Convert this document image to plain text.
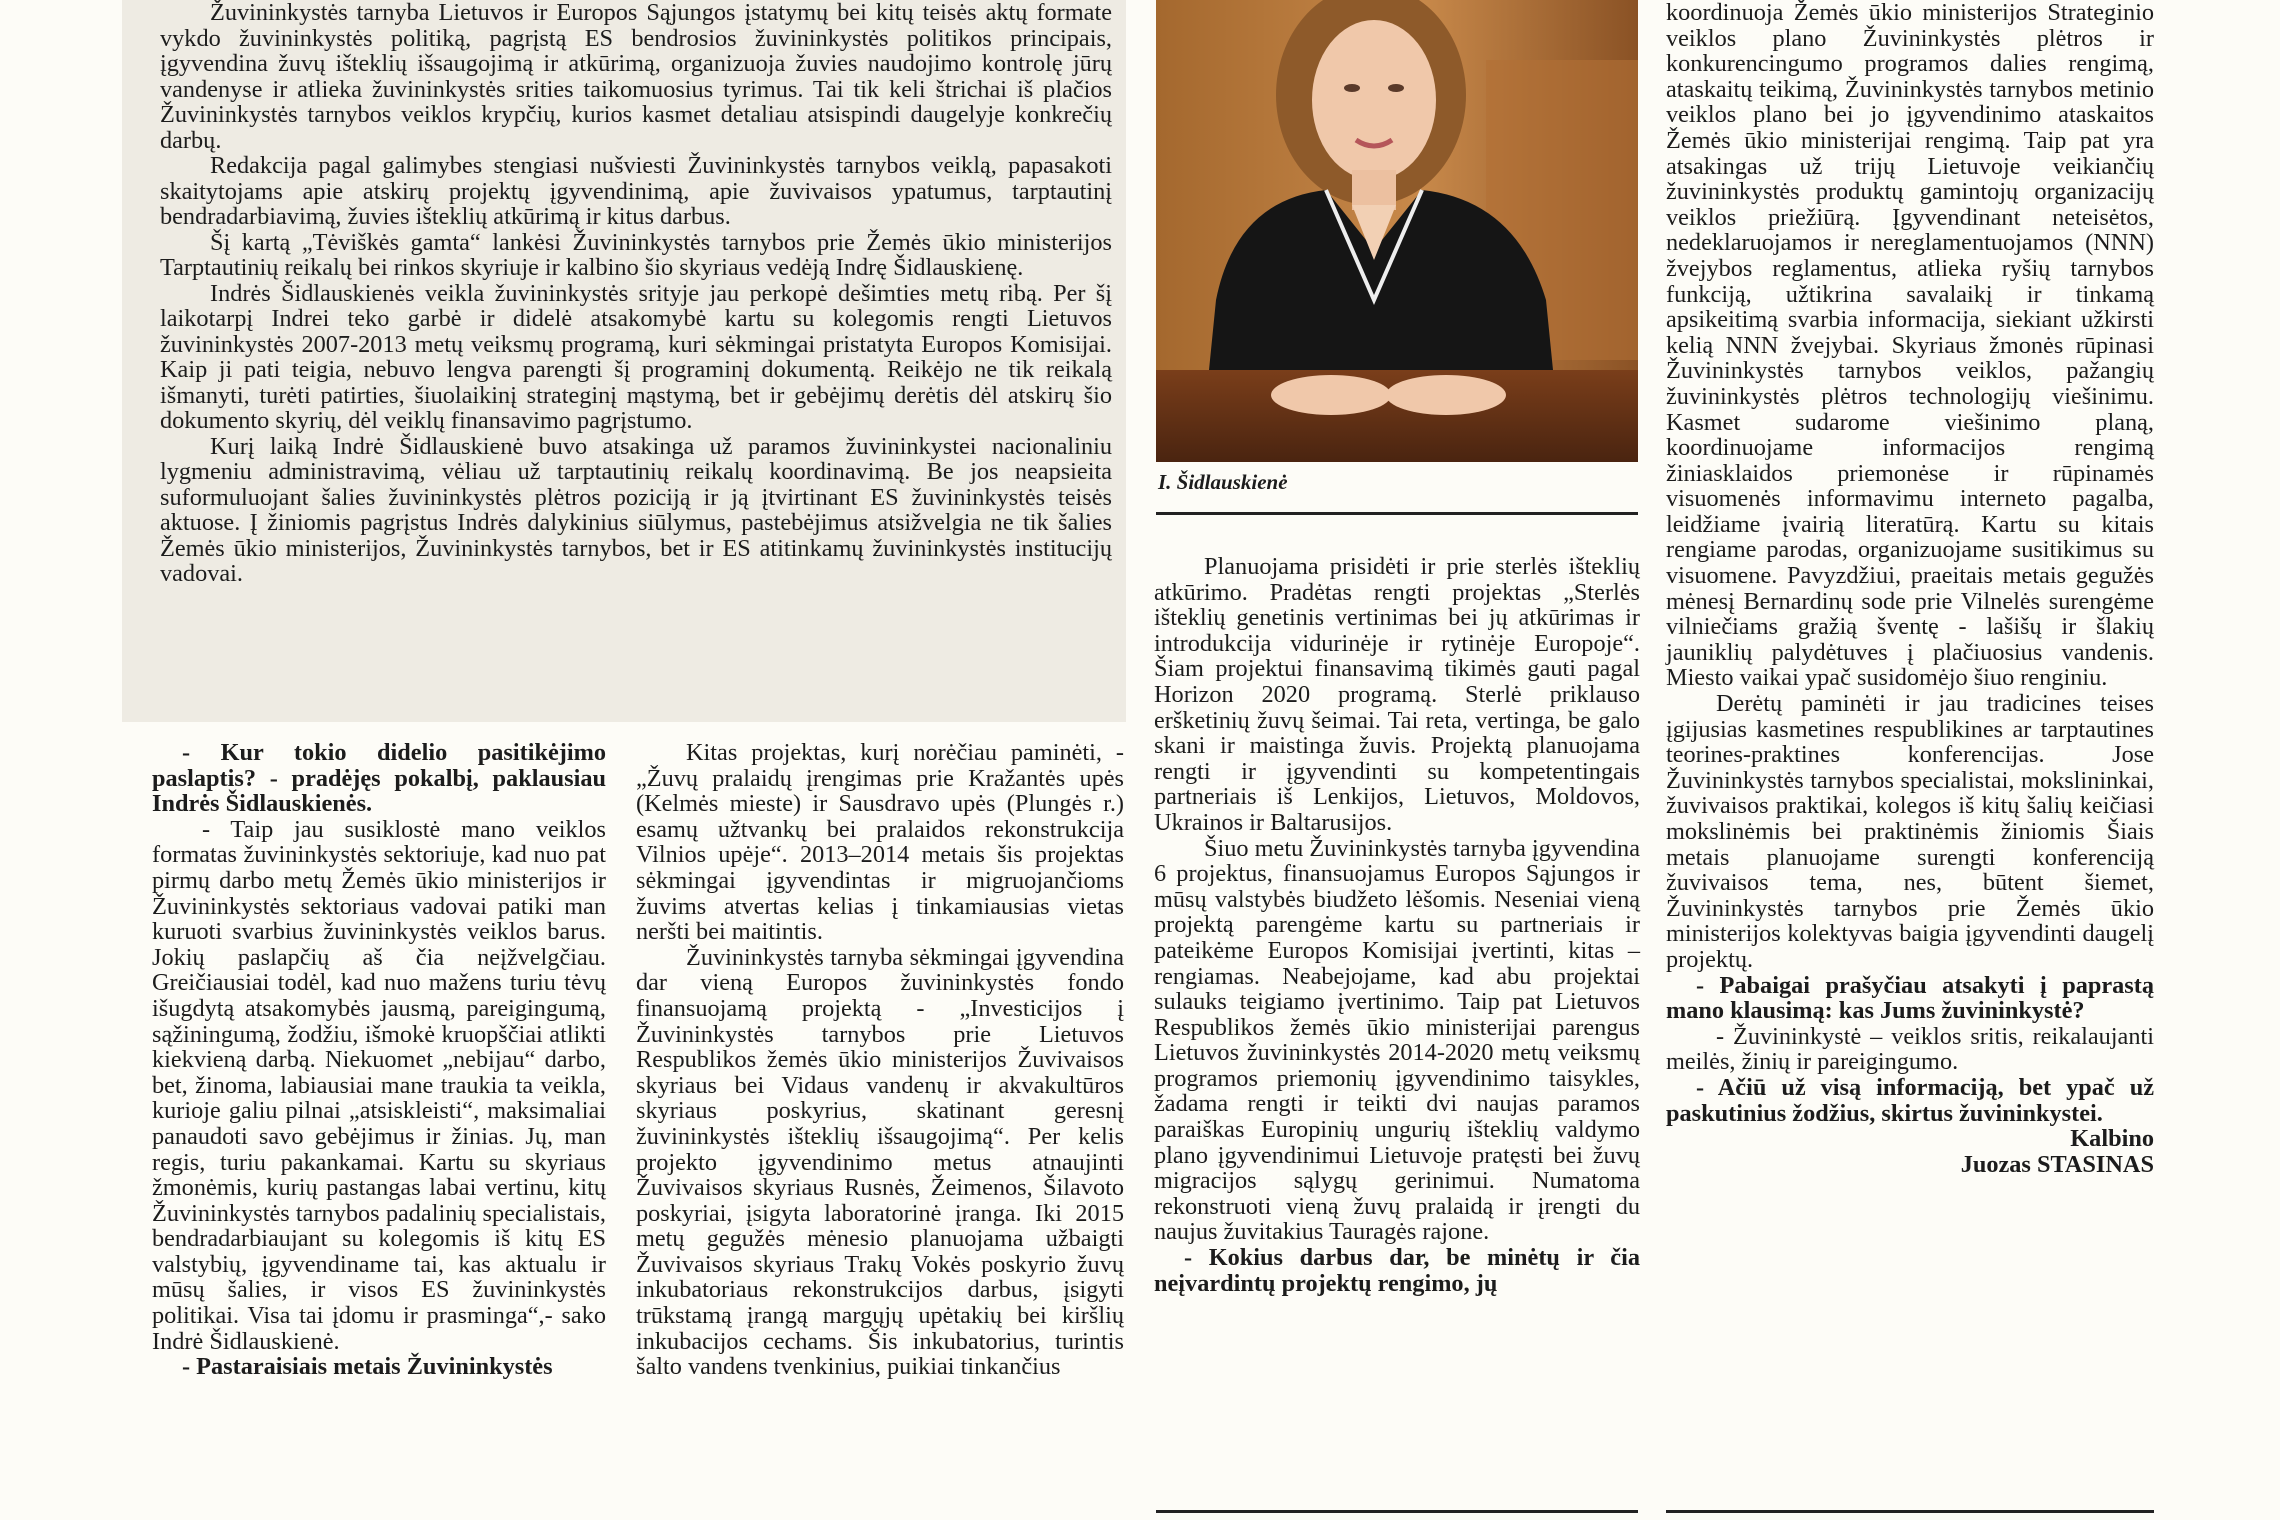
Žuvininkystės tarnyba Lietuvos ir Europos Sąjungos įstatymų bei kitų teisės aktų formate vykdo žuvininkystės politiką, pagrįstą ES bendrosios žuvininkystės politikos principais, įgyvendina žuvų išteklių išsaugojimą ir atkūrimą, organizuoja žuvies naudojimo kontrolę jūrų vandenyse ir atlieka žuvininkystės srities taikomuosius tyrimus. Tai tik keli štrichai iš plačios Žuvininkystės tarnybos veiklos krypčių, kurios kasmet detaliau atsispindi daugelyje konkrečių darbų.

Redakcija pagal galimybes stengiasi nušviesti Žuvininkystės tarnybos veiklą, papasakoti skaitytojams apie atskirų projektų įgyvendinimą, apie žuvivaisos ypatumus, tarptautinį bendradarbiavimą, žuvies išteklių atkūrimą ir kitus darbus.

Šį kartą „Tėviškės gamta“ lankėsi Žuvininkystės tarnybos prie Žemės ūkio ministerijos Tarptautinių reikalų bei rinkos skyriuje ir kalbino šio skyriaus vedėją Indrę Šidlauskienę.

Indrės Šidlauskienės veikla žuvininkystės srityje jau perkopė dešimties metų ribą. Per šį laikotarpį Indrei teko garbė ir didelė atsakomybė kartu su kolegomis rengti Lietuvos žuvininkystės 2007-2013 metų veiksmų programą, kuri sėkmingai pristatyta Europos Komisijai. Kaip ji pati teigia, nebuvo lengva parengti šį programinį dokumentą. Reikėjo ne tik reikalą išmanyti, turėti patirties, šiuolaikinį strateginį mąstymą, bet ir gebėjimų derėtis dėl atskirų šio dokumento skyrių, dėl veiklų finansavimo pagrįstumo.

Kurį laiką Indrė Šidlauskienė buvo atsakinga už paramos žuvininkystei nacionaliniu lygmeniu administravimą, vėliau už tarptautinių reikalų koordinavimą. Be jos neapsieita suformuluojant šalies žuvininkystės plėtros poziciją ir ją įtvirtinant ES žuvininkystės teisės aktuose. Į žiniomis pagrįstus Indrės dalykinius siūlymus, pastebėjimus atsižvelgia ne tik šalies Žemės ūkio ministerijos, Žuvininkystės tarnybos, bet ir ES atitinkamų žuvininkystės institucijų vadovai.

I. Šidlauskienė

- Kur tokio didelio pasitikėjimo paslaptis? - pradėjęs pokalbį, paklausiau Indrės Šidlauskienės.

- Taip jau susiklostė mano veiklos formatas žuvininkystės sektoriuje, kad nuo pat pirmų darbo metų Žemės ūkio ministerijos ir Žuvininkystės sektoriaus vadovai patiki man kuruoti svarbius žuvininkystės veiklos barus. Jokių paslapčių aš čia neįžvelgčiau. Greičiausiai todėl, kad nuo mažens turiu tėvų išugdytą atsakomybės jausmą, pareigingumą, sąžiningumą, žodžiu, išmokė kruopščiai atlikti kiekvieną darbą. Niekuomet „nebijau“ darbo, bet, žinoma, labiausiai mane traukia ta veikla, kurioje galiu pilnai „atsiskleisti“, maksimaliai panaudoti savo gebėjimus ir žinias. Jų, man regis, turiu pakankamai. Kartu su skyriaus žmonėmis, kurių pastangas labai vertinu, kitų Žuvininkystės tarnybos padalinių specialistais, bendradarbiaujant su kolegomis iš kitų ES valstybių, įgyvendiname tai, kas aktualu ir mūsų šalies, ir visos ES žuvininkystės politikai. Visa tai įdomu ir prasminga“,- sako Indrė Šidlauskienė.

- Pastaraisiais metais Žuvininkystės

Kitas projektas, kurį norėčiau paminėti, - „Žuvų pralaidų įrengimas prie Kražantės upės (Kelmės mieste) ir Sausdravo upės (Plungės r.) esamų užtvankų bei pralaidos rekonstrukcija Vilnios upėje“. 2013–2014 metais šis projektas sėkmingai įgyvendintas ir migruojančioms žuvims atvertas kelias į tinkamiausias vietas neršti bei maitintis.

Žuvininkystės tarnyba sėkmingai įgyvendina dar vieną Europos žuvininkystės fondo finansuojamą projektą - „Investicijos į Žuvininkystės tarnybos prie Lietuvos Respublikos žemės ūkio ministerijos Žuvivaisos skyriaus bei Vidaus vandenų ir akvakultūros skyriaus poskyrius, skatinant geresnį žuvininkystės išteklių išsaugojimą“. Per kelis projekto įgyvendinimo metus atnaujinti Žuvivaisos skyriaus Rusnės, Žeimenos, Šilavoto poskyriai, įsigyta laboratorinė įranga. Iki 2015 metų gegužės mėnesio planuojama užbaigti Žuvivaisos skyriaus Trakų Vokės poskyrio žuvų inkubatoriaus rekonstrukcijos darbus, įsigyti trūkstamą įrangą margųjų upėtakių bei kiršlių inkubacijos cechams. Šis inkubatorius, turintis šalto vandens tvenkinius, puikiai tinkančius

Planuojama prisidėti ir prie sterlės išteklių atkūrimo. Pradėtas rengti projektas „Sterlės išteklių genetinis vertinimas bei jų atkūrimas ir introdukcija vidurinėje ir rytinėje Europoje“. Šiam projektui finansavimą tikimės gauti pagal Horizon 2020 programą. Sterlė priklauso eršketinių žuvų šeimai. Tai reta, vertinga, be galo skani ir maistinga žuvis. Projektą planuojama rengti ir įgyvendinti su kompetentingais partneriais iš Lenkijos, Lietuvos, Moldovos, Ukrainos ir Baltarusijos.

Šiuo metu Žuvininkystės tarnyba įgyvendina 6 projektus, finansuojamus Europos Sąjungos ir mūsų valstybės biudžeto lėšomis. Neseniai vieną projektą parengėme kartu su partneriais ir pateikėme Europos Komisijai įvertinti, kitas – rengiamas. Neabejojame, kad abu projektai sulauks teigiamo įvertinimo. Taip pat Lietuvos Respublikos žemės ūkio ministerijai parengus Lietuvos žuvininkystės 2014-2020 metų veiksmų programos priemonių įgyvendinimo taisykles, žadama rengti ir teikti dvi naujas paramos paraiškas Europinių ungurių išteklių valdymo plano įgyvendinimui Lietuvoje pratęsti bei žuvų migracijos sąlygų gerinimui. Numatoma rekonstruoti vieną žuvų pralaidą ir įrengti du naujus žuvitakius Tauragės rajone.

- Kokius darbus dar, be minėtų ir čia neįvardintų projektų rengimo, jų

koordinuoja Žemės ūkio ministerijos Strateginio veiklos plano Žuvininkystės plėtros ir konkurencingumo programos dalies rengimą, ataskaitų teikimą, Žuvininkystės tarnybos metinio veiklos plano bei jo įgyvendinimo ataskaitos Žemės ūkio ministerijai rengimą. Taip pat yra atsakingas už trijų Lietuvoje veikiančių žuvininkystės produktų gamintojų organizacijų veiklos priežiūrą. Įgyvendinant neteisėtos, nedeklaruojamos ir nereglamentuojamos (NNN) žvejybos reglamentus, atlieka ryšių tarnybos funkciją, užtikrina savalaikį ir tinkamą apsikeitimą svarbia informacija, siekiant užkirsti kelią NNN žvejybai. Skyriaus žmonės rūpinasi Žuvininkystės tarnybos veiklos, pažangių žuvininkystės plėtros technologijų viešinimu. Kasmet sudarome viešinimo planą, koordinuojame informacijos rengimą žiniasklaidos priemonėse ir rūpinamės visuomenės informavimu interneto pagalba, leidžiame įvairią literatūrą. Kartu su kitais rengiame parodas, organizuojame susitikimus su visuomene. Pavyzdžiui, praeitais metais gegužės mėnesį Bernardinų sode prie Vilnelės surengėme vilniečiams gražią šventę - lašišų ir šlakių jauniklių palydėtuves į plačiuosius vandenis. Miesto vaikai ypač susidomėjo šiuo renginiu.

Derėtų paminėti ir jau tradicines teises įgijusias kasmetines respublikines ar tarptautines teorines-praktines konferencijas. Jose Žuvininkystės tarnybos specialistai, mokslininkai, žuvivaisos praktikai, kolegos iš kitų šalių keičiasi mokslinėmis bei praktinėmis žiniomis Šiais metais planuojame surengti konferenciją žuvivaisos tema, nes, būtent šiemet, Žuvininkystės tarnybos prie Žemės ūkio ministerijos kolektyvas baigia įgyvendinti daugelį projektų.

- Pabaigai prašyčiau atsakyti į paprastą mano klausimą: kas Jums žuvininkystė?

- Žuvininkystė – veiklos sritis, reikalaujanti meilės, žinių ir pareigingumo.

- Ačiū už visą informaciją, bet ypač už paskutinius žodžius, skirtus žuvininkystei.

Kalbino

Juozas STASINAS
